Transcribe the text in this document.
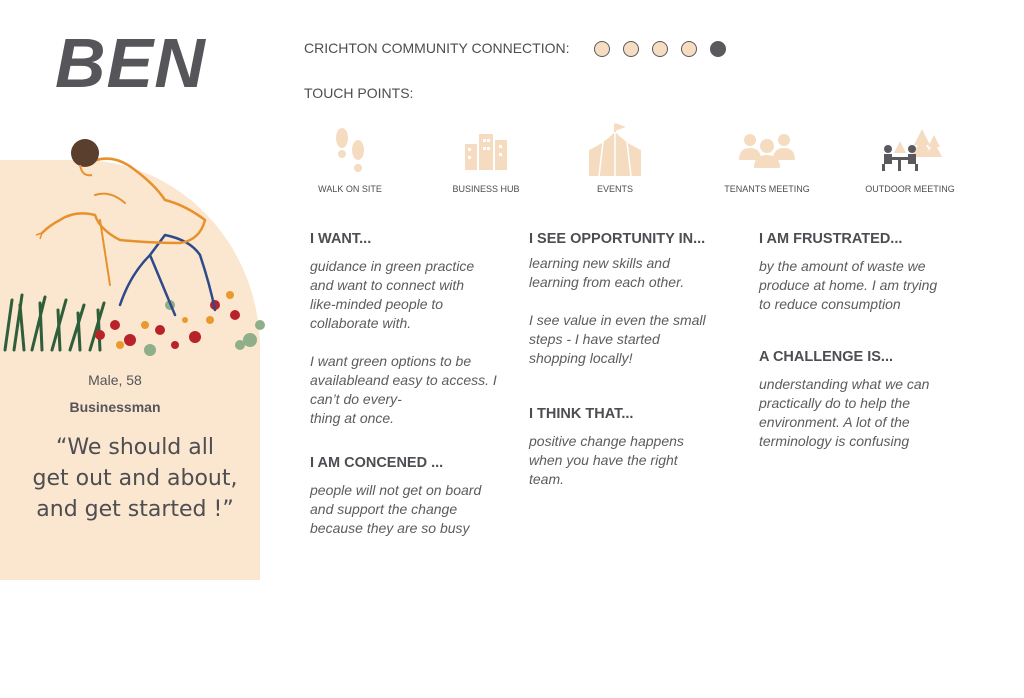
BEN
Male, 58
Businessman
“We should all
get out and about,
and get started !”
CRICHTON COMMUNITY CONNECTION:
TOUCH POINTS:
WALK ON SITE	BUSINESS HUB	EVENTS	TENANTS MEETING	OUTDOOR MEETING
I WANT...
guidance in green practice
and want to connect with
like-minded people to
collaborate with.

I want green options to be
availableand easy to access. I
can’t do every-
thing at once.
I AM CONCENED ...
people will not get on board
and support the change
because they are so busy
I SEE OPPORTUNITY IN...
learning new skills and
learning from each other.

I see value in even the small
steps - I have started
shopping locally!
I THINK THAT...
positive change happens
when you have the right
team.
I AM FRUSTRATED...
by the amount of waste we
produce at home. I am trying
to reduce consumption
A CHALLENGE IS...
understanding what we can
practically do to help the
environment. A lot of the
terminology is confusing
